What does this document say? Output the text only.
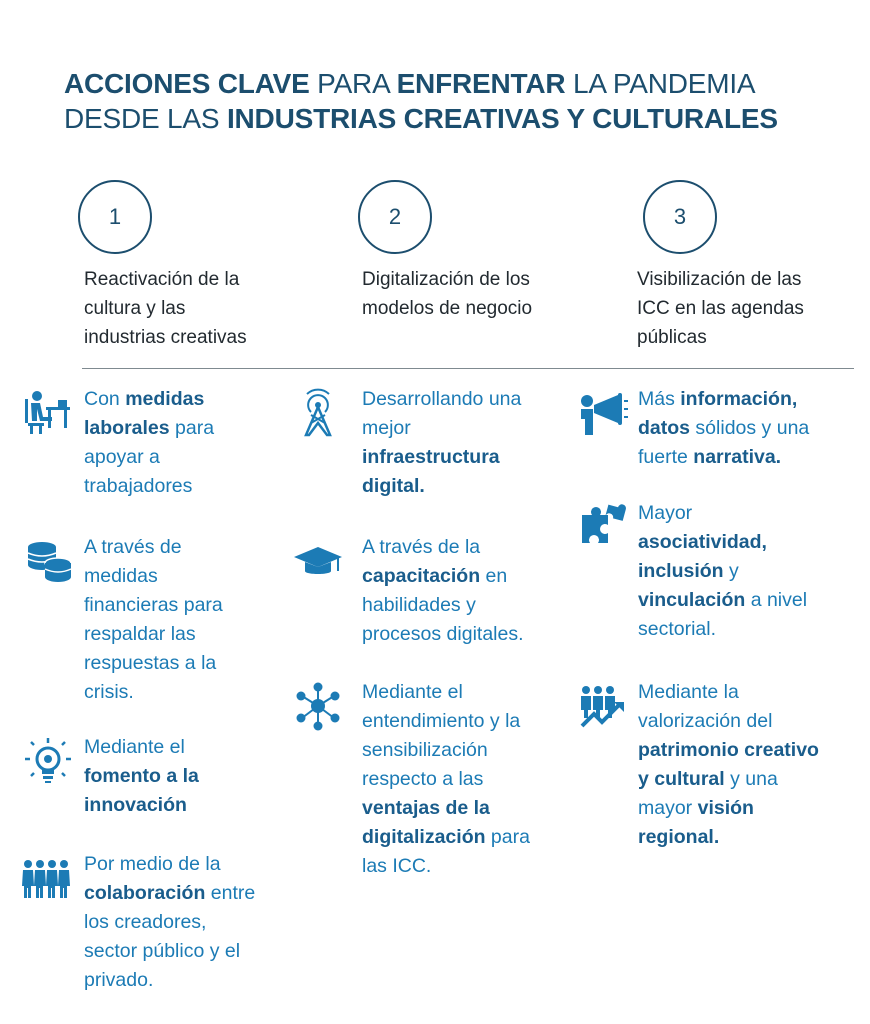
ACCIONES CLAVE PARA ENFRENTAR LA PANDEMIA
DESDE LAS INDUSTRIAS CREATIVAS Y CULTURALES
1
Reactivación de la
cultura y las
industrias creativas
2
Digitalización de los
modelos de negocio
3
Visibilización de las
ICC en las agendas
públicas
Con medidas
laborales para
apoyar a
trabajadores
A través de
medidas
financieras para
respaldar las
respuestas a la
crisis.
Mediante el
fomento a la
innovación
Por medio de la
colaboración entre
los creadores,
sector público y el
privado.
Desarrollando una
mejor
infraestructura
digital.
A través de la
capacitación en
habilidades y
procesos digitales.
Mediante el
entendimiento y la
sensibilización
respecto a las
ventajas de la
digitalización para
las ICC.
Más información,
datos sólidos y una
fuerte narrativa.
Mayor
asociatividad,
inclusión y
vinculación a nivel
sectorial.
Mediante la
valorización del
patrimonio creativo
y cultural y una
mayor visión
regional.
